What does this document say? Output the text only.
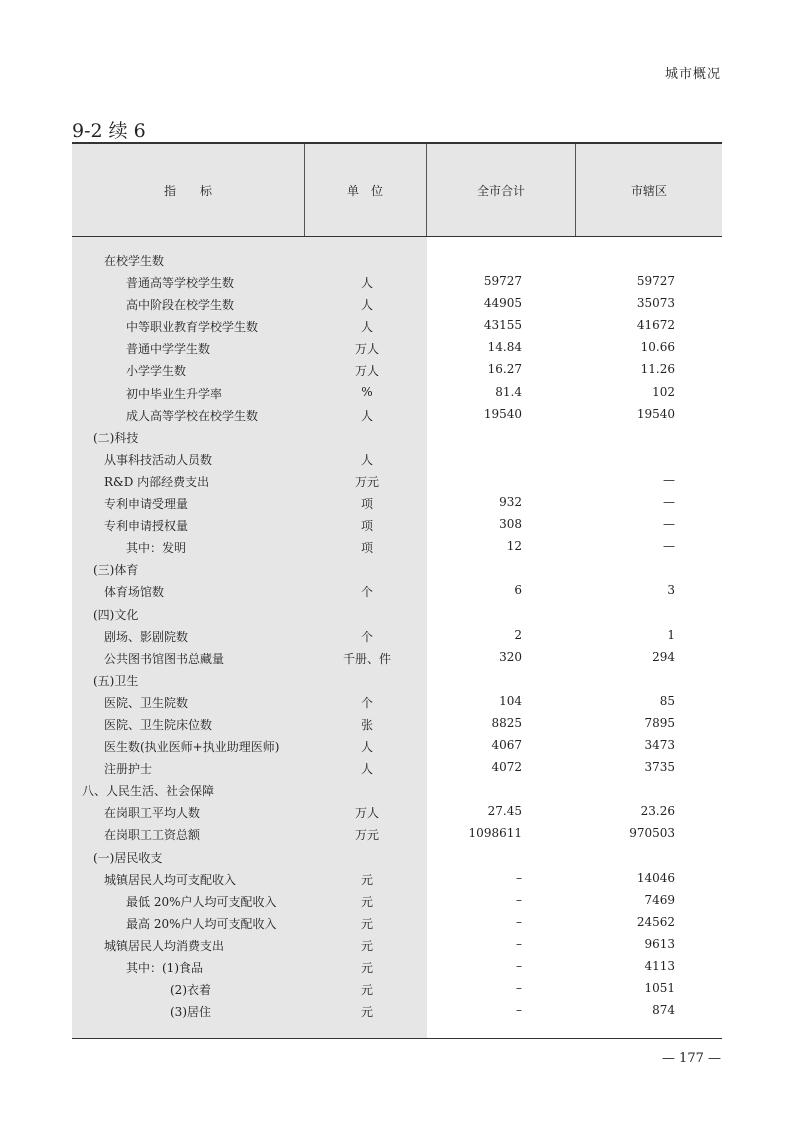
城市概况
9-2 续 6
指　　标	单　位	全市合计	市辖区
在校学生数
普通高等学校学生数	人	59727	59727
高中阶段在校学生数	人	44905	35073
中等职业教育学校学生数	人	43155	41672
普通中学学生数	万人	14.84	10.66
小学学生数	万人	16.27	11.26
初中毕业生升学率	%	81.4	102
成人高等学校在校学生数	人	19540	19540
(二)科技
从事科技活动人员数	人
R&D 内部经费支出	万元	—
专利申请受理量	项	932	—
专利申请授权量	项	308	—
其中：发明	项	12	—
(三)体育
体育场馆数	个	6	3
(四)文化
剧场、影剧院数	个	2	1
公共图书馆图书总藏量	千册、件	320	294
(五)卫生
医院、卫生院数	个	104	85
医院、卫生院床位数	张	8825	7895
医生数(执业医师+执业助理医师)	人	4067	3473
注册护士	人	4072	3735
八、人民生活、社会保障
在岗职工平均人数	万人	27.45	23.26
在岗职工工资总额	万元	1098611	970503
(一)居民收支
城镇居民人均可支配收入	元	–	14046
最低 20%户人均可支配收入	元	–	7469
最高 20%户人均可支配收入	元	–	24562
城镇居民人均消费支出	元	–	9613
其中：(1)食品	元	–	4113
(2)衣着	元	–	1051
(3)居住	元	–	874
— 177 —
